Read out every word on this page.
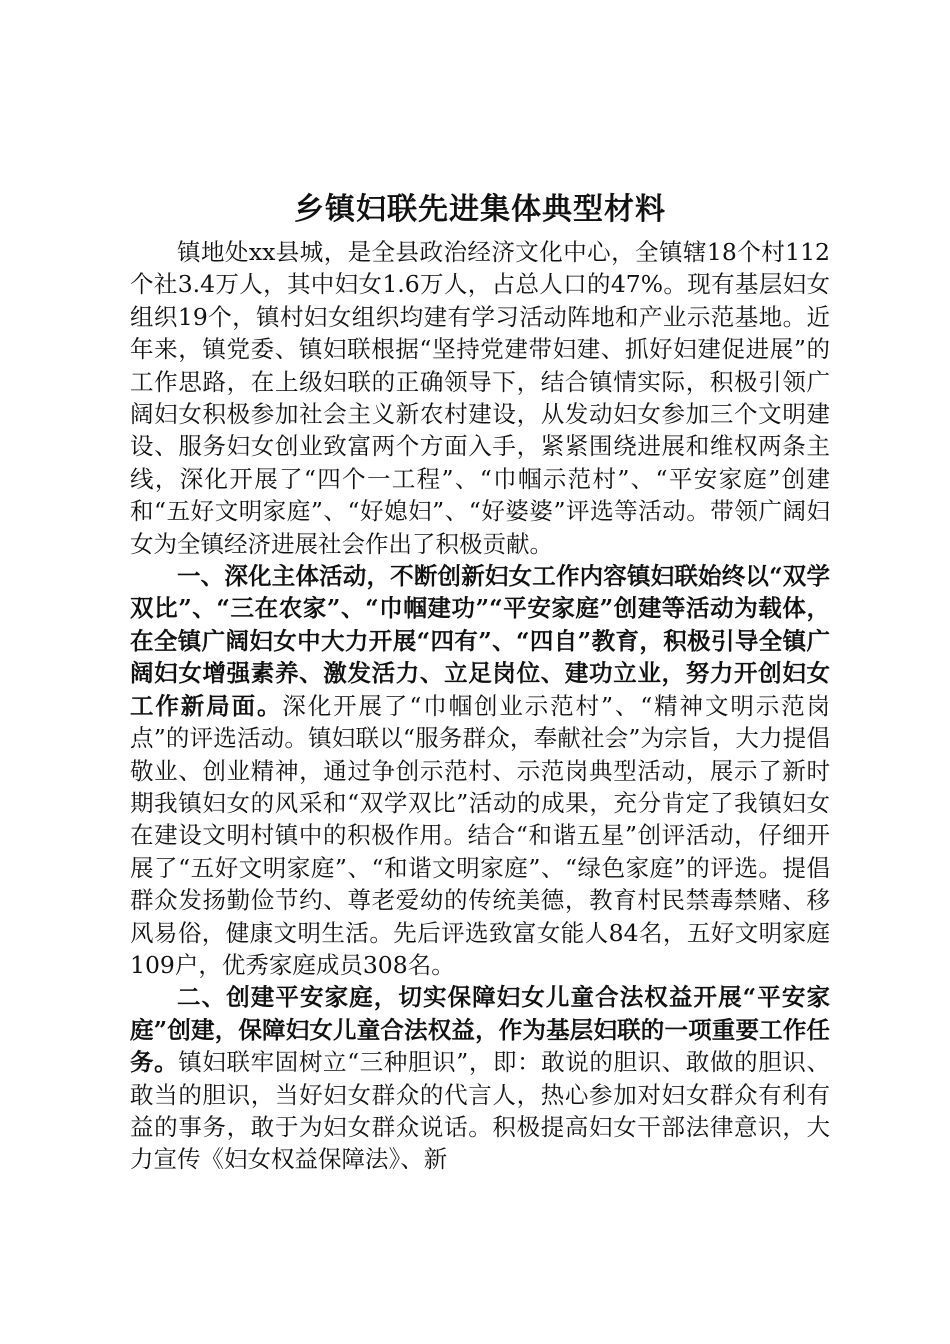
乡镇妇联先进集体典型材料

镇地处xx县城，是全县政治经济文化中心，全镇辖18个村112个社3.4万人，其中妇女1.6万人，占总人口的47%。现有基层妇女组织19个，镇村妇女组织均建有学习活动阵地和产业示范基地。近年来，镇党委、镇妇联根据“坚持党建带妇建、抓好妇建促进展”的工作思路，在上级妇联的正确领导下，结合镇情实际，积极引领广阔妇女积极参加社会主义新农村建设，从发动妇女参加三个文明建设、服务妇女创业致富两个方面入手，紧紧围绕进展和维权两条主线，深化开展了“四个一工程”、“巾帼示范村”、“平安家庭”创建和“五好文明家庭”、“好媳妇”、“好婆婆”评选等活动。带领广阔妇女为全镇经济进展社会作出了积极贡献。

一、深化主体活动，不断创新妇女工作内容镇妇联始终以“双学双比”、“三在农家”、“巾帼建功”“平安家庭”创建等活动为载体，在全镇广阔妇女中大力开展“四有”、“四自”教育，积极引导全镇广阔妇女增强素养、激发活力、立足岗位、建功立业，努力开创妇女工作新局面。深化开展了“巾帼创业示范村”、“精神文明示范岗点”的评选活动。镇妇联以“服务群众，奉献社会”为宗旨，大力提倡敬业、创业精神，通过争创示范村、示范岗典型活动，展示了新时期我镇妇女的风采和“双学双比”活动的成果，充分肯定了我镇妇女在建设文明村镇中的积极作用。结合“和谐五星”创评活动，仔细开展了“五好文明家庭”、“和谐文明家庭”、“绿色家庭”的评选。提倡群众发扬勤俭节约、尊老爱幼的传统美德，教育村民禁毒禁赌、移风易俗，健康文明生活。先后评选致富女能人84名，五好文明家庭109户，优秀家庭成员308名。

二、创建平安家庭，切实保障妇女儿童合法权益开展“平安家庭”创建，保障妇女儿童合法权益，作为基层妇联的一项重要工作任务。镇妇联牢固树立“三种胆识”，即：敢说的胆识、敢做的胆识、敢当的胆识，当好妇女群众的代言人，热心参加对妇女群众有利有益的事务，敢于为妇女群众说话。积极提高妇女干部法律意识，大力宣传《妇女权益保障法》、新
